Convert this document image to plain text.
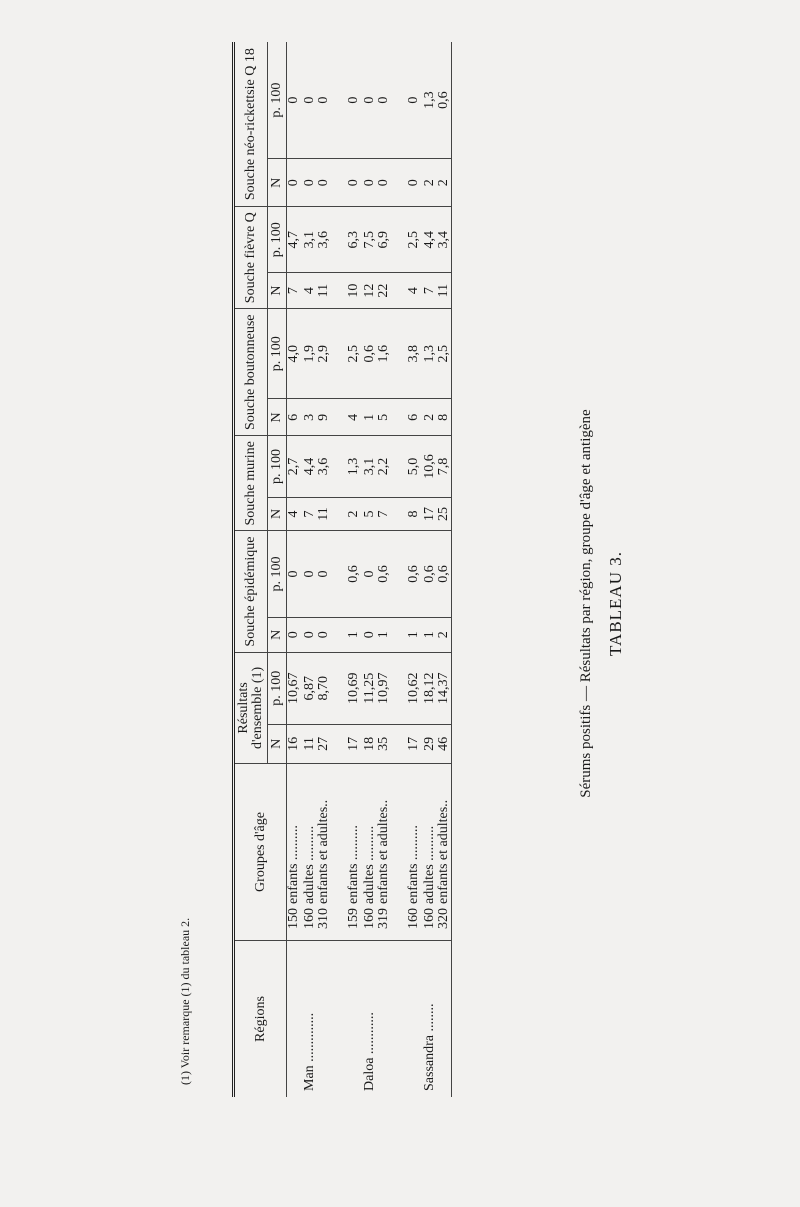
TABLEAU 3.
Sérums positifs — Résultats par région, groupe d'âge et antigène
Régions	Groupes d'âge	Résultats d'ensemble (1)		Souche épidémique		Souche murine		Souche boutonneuse		Souche fièvre Q		Souche néo-rickettsie Q 18	
		N	p. 100	N	p. 100	N	p. 100	N	p. 100	N	p. 100	N	p. 100
	150enfants ..........	16	10,67	0	0	4	2,7	6	4,0	7	4,7	0	0
Man ..............	160adultes ..........	11	6,87	0	0	7	4,4	3	1,9	4	3,1	0	0
	310enfants et adultes..	27	8,70	0	0	11	3,6	9	2,9	11	3,6	0	0

	159enfants ..........	17	10,69	1	0,6	2	1,3	4	2,5	10	6,3	0	0
Daloa ............	160adultes ..........	18	11,25	0	0	5	3,1	1	0,6	12	7,5	0	0
	319enfants et adultes..	35	10,97	1	0,6	7	2,2	5	1,6	22	6,9	0	0

	160enfants ..........	17	10,62	1	0,6	8	5,0	6	3,8	4	2,5	0	0
Sassandra ........	160adultes ..........	29	18,12	1	0,6	17	10,6	2	1,3	7	4,4	2	1,3
	320enfants et adultes..	46	14,37	2	0,6	25	7,8	8	2,5	11	3,4	2	0,6
(1) Voir remarque (1) du tableau 2.
